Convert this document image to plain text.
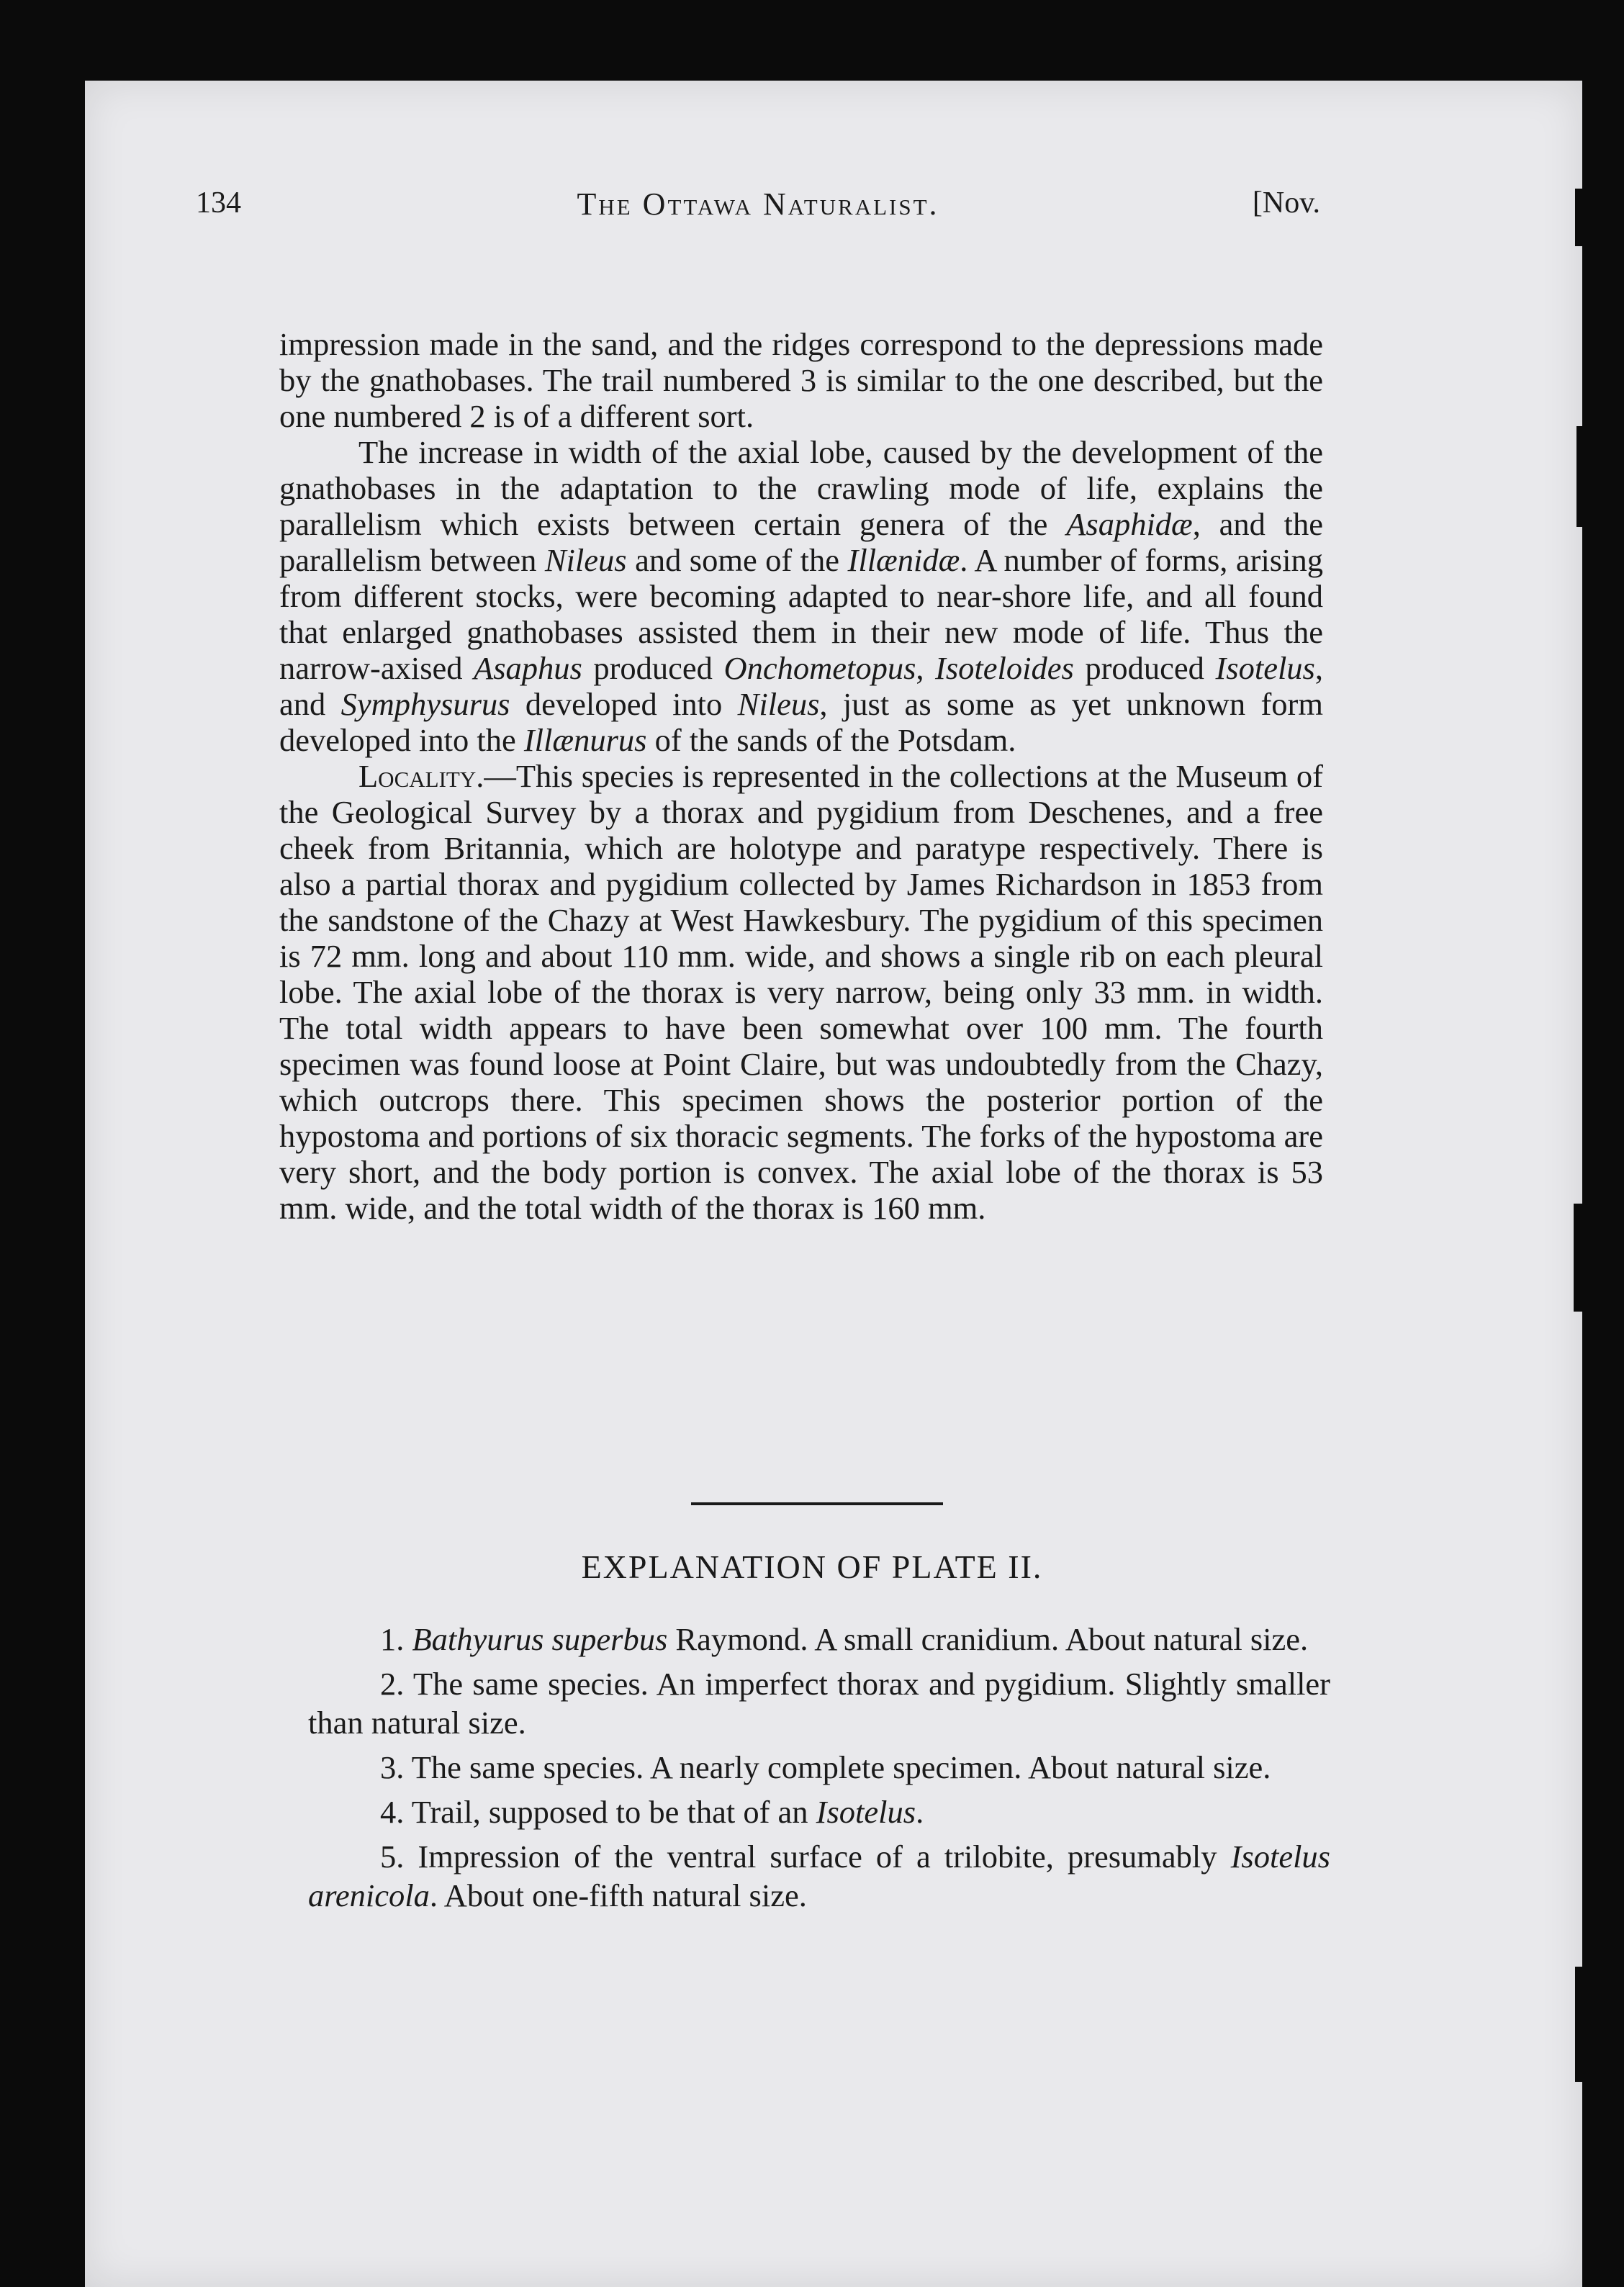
134	The Ottawa Naturalist.	[Nov.

impression made in the sand, and the ridges correspond to the depressions made by the gnathobases. The trail numbered 3 is similar to the one described, but the one numbered 2 is of a different sort.

The increase in width of the axial lobe, caused by the development of the gnathobases in the adaptation to the crawling mode of life, explains the parallelism which exists between certain genera of the Asaphidæ, and the parallelism between Nileus and some of the Illænidæ. A number of forms, arising from different stocks, were becoming adapted to near-shore life, and all found that enlarged gnathobases assisted them in their new mode of life. Thus the narrow-axised Asaphus produced Onchometopus, Isoteloides produced Isotelus, and Symphysurus developed into Nileus, just as some as yet unknown form developed into the Illænurus of the sands of the Potsdam.

Locality.—This species is represented in the collections at the Museum of the Geological Survey by a thorax and pygidium from Deschenes, and a free cheek from Britannia, which are holotype and paratype respectively. There is also a partial thorax and pygidium collected by James Richardson in 1853 from the sandstone of the Chazy at West Hawkesbury. The pygidium of this specimen is 72 mm. long and about 110 mm. wide, and shows a single rib on each pleural lobe. The axial lobe of the thorax is very narrow, being only 33 mm. in width. The total width appears to have been somewhat over 100 mm. The fourth specimen was found loose at Point Claire, but was undoubtedly from the Chazy, which outcrops there. This specimen shows the posterior portion of the hypostoma and portions of six thoracic segments. The forks of the hypostoma are very short, and the body portion is convex. The axial lobe of the thorax is 53 mm. wide, and the total width of the thorax is 160 mm.

EXPLANATION OF PLATE II.

1. Bathyurus superbus Raymond. A small cranidium. About natural size.

2. The same species. An imperfect thorax and pygidium. Slightly smaller than natural size.

3. The same species. A nearly complete specimen. About natural size.

4. Trail, supposed to be that of an Isotelus.

5. Impression of the ventral surface of a trilobite, presumably Isotelus arenicola. About one-fifth natural size.
